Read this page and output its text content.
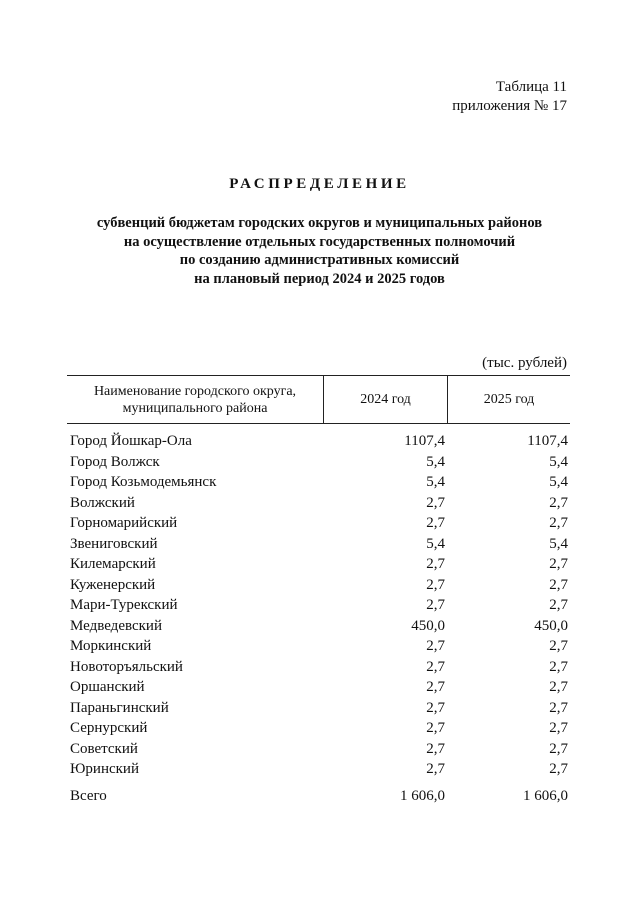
Таблица 11
приложения № 17
РАСПРЕДЕЛЕНИЕ
субвенций бюджетам городских округов и муниципальных районов
на осуществление отдельных государственных полномочий
по созданию административных комиссий
на плановый период 2024 и 2025 годов
(тыс. рублей)
Наименование городского округа,
муниципального района
2024 год	2025 год
Город Йошкар-Ола	1107,4	1107,4
Город Волжск	5,4	5,4
Город Козьмодемьянск	5,4	5,4
Волжский	2,7	2,7
Горномарийский	2,7	2,7
Звениговский	5,4	5,4
Килемарский	2,7	2,7
Куженерский	2,7	2,7
Мари-Турекский	2,7	2,7
Медведевский	450,0	450,0
Моркинский	2,7	2,7
Новоторъяльский	2,7	2,7
Оршанский	2,7	2,7
Параньгинский	2,7	2,7
Сернурский	2,7	2,7
Советский	2,7	2,7
Юринский	2,7	2,7
Всего	1 606,0	1 606,0
